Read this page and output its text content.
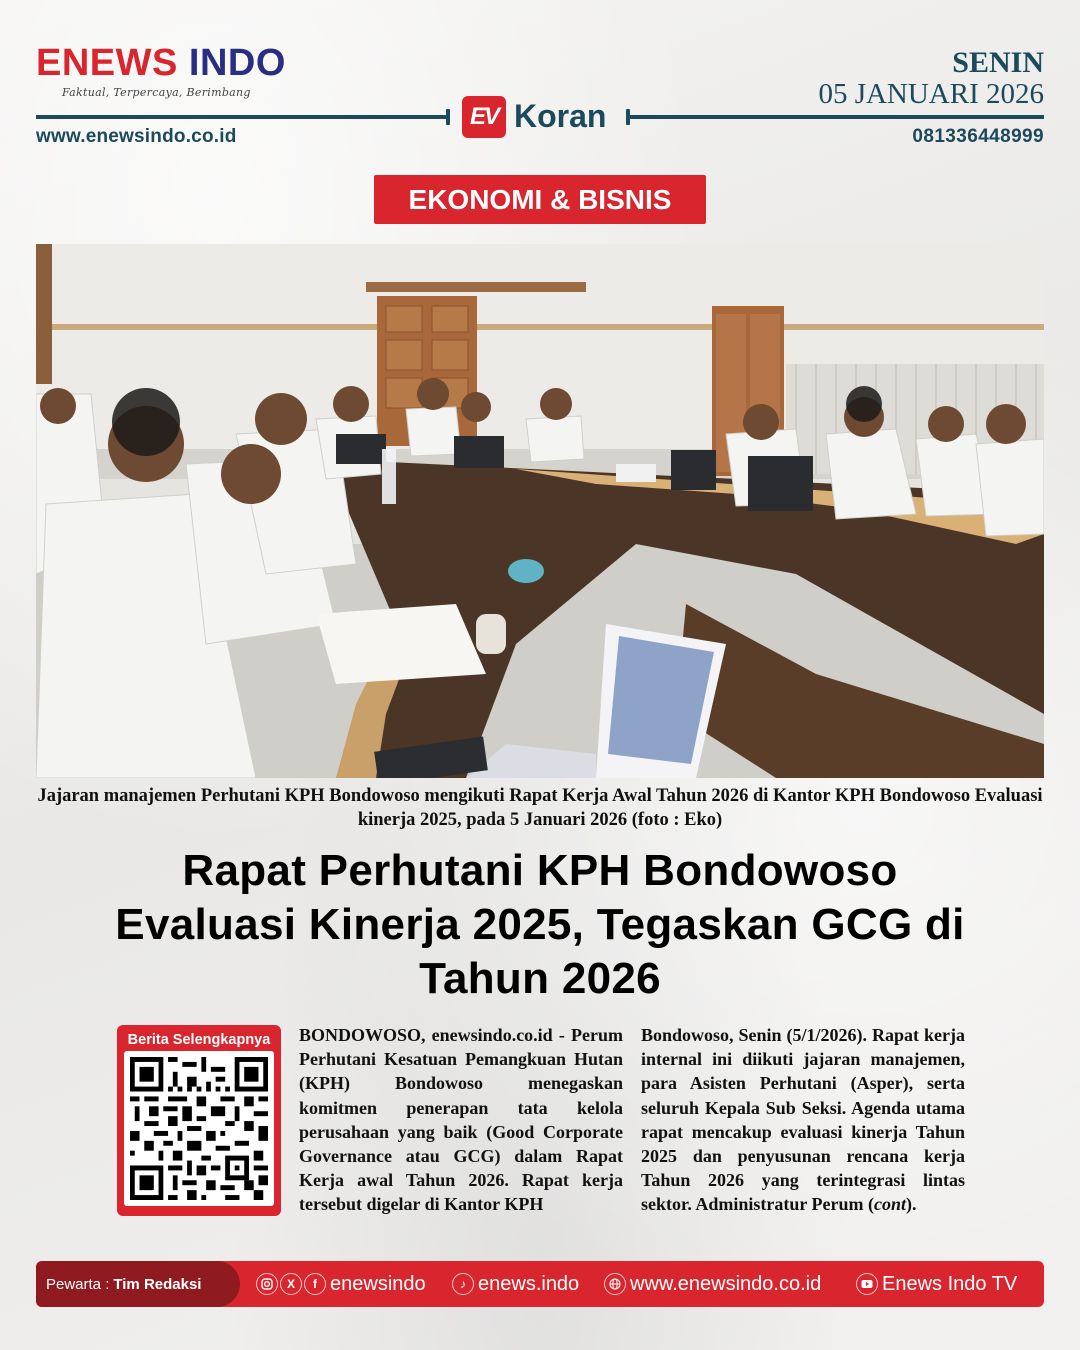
ENEWS INDO
Faktual, Terpercaya, Berimbang
SENIN
05 JANUARI 2026
EV Koran
www.enewsindo.co.id	081336448999
EKONOMI & BISNIS
Jajaran manajemen Perhutani KPH Bondowoso mengikuti Rapat Kerja Awal Tahun 2026 di Kantor KPH Bondowoso Evaluasi kinerja 2025, pada 5 Januari 2026 (foto : Eko)
Rapat Perhutani KPH Bondowoso
Evaluasi Kinerja 2025, Tegaskan GCG di
Tahun 2026
Berita Selengkapnya BONDOWOSO, enewsindo.co.id - Perum Perhutani Kesatuan Pemangkuan Hutan (KPH) Bondowoso menegaskan komitmen penerapan tata kelola perusahaan yang baik (Good Corporate Governance atau GCG) dalam Rapat Kerja awal Tahun 2026. Rapat kerja tersebut digelar di Kantor KPH
Bondowoso, Senin (5/1/2026). Rapat kerja internal ini diikuti jajaran manajemen, para Asisten Perhutani (Asper), serta seluruh Kepala Sub Seksi. Agenda utama rapat mencakup evaluasi kinerja Tahun 2025 dan penyusunan rencana kerja Tahun 2026 yang terintegrasi lintas sektor. Administratur Perum (cont).
Pewarta : Tim Redaksi	X	f enewsindo	♪ enews.indo	www.enewsindo.co.id	Enews Indo TV
